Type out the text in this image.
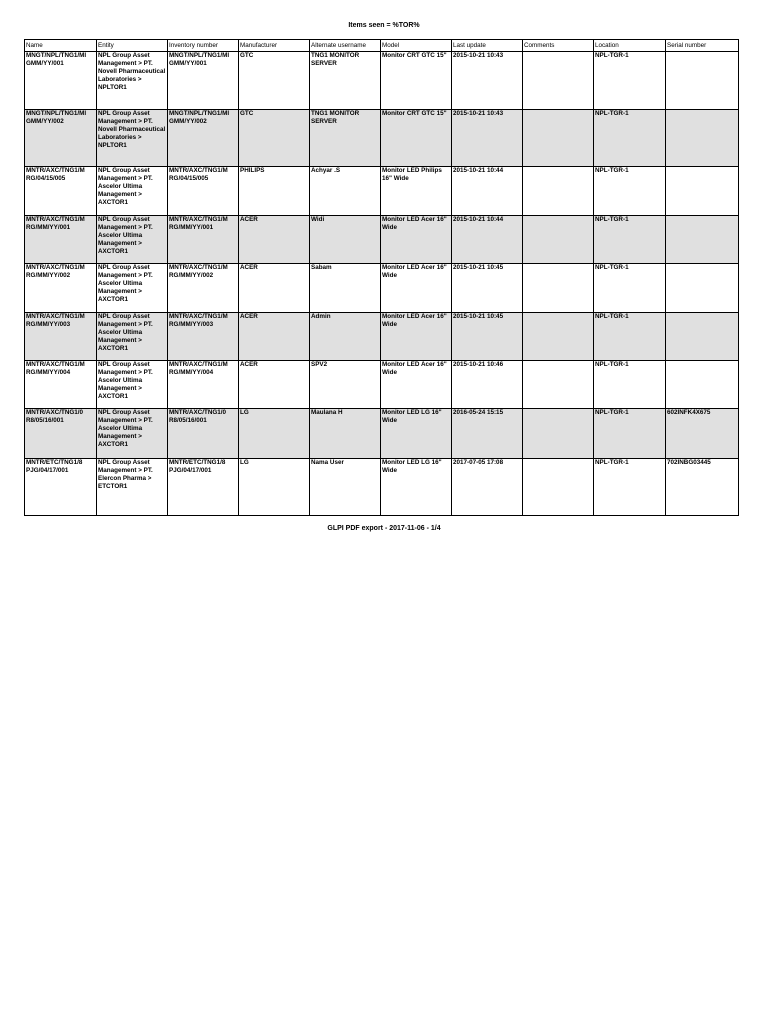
Items seen = %TOR%
Name	Entity	Inventory number	Manufacturer	Alternate username	Model	Last update	Comments	Location	Serial number
MNGT/NPL/TNG1/MI GMM/YY/001	NPL Group Asset Management > PT. Novell Pharmaceutical Laboratories > NPLTOR1	MNGT/NPL/TNG1/MI GMM/YY/001	GTC	TNG1 MONITOR SERVER	Monitor CRT GTC 15"	2015-10-21 10:43		NPL-TGR-1	
MNGT/NPL/TNG1/MI GMM/YY/002	NPL Group Asset Management > PT. Novell Pharmaceutical Laboratories > NPLTOR1	MNGT/NPL/TNG1/MI GMM/YY/002	GTC	TNG1 MONITOR SERVER	Monitor CRT GTC 15"	2015-10-21 10:43		NPL-TGR-1	
MNTR/AXC/TNG1/M RG/04/15/005	NPL Group Asset Management > PT. Ascelor Ultima Management > AXCTOR1	MNTR/AXC/TNG1/M RG/04/15/005	PHILIPS	Achyar .S	Monitor LED Philips 16" Wide	2015-10-21 10:44		NPL-TGR-1	
MNTR/AXC/TNG1/M RG/MM/YY/001	NPL Group Asset Management > PT. Ascelor Ultima Management > AXCTOR1	MNTR/AXC/TNG1/M RG/MM/YY/001	ACER	Widi	Monitor LED Acer 16" Wide	2015-10-21 10:44		NPL-TGR-1	
MNTR/AXC/TNG1/M RG/MM/YY/002	NPL Group Asset Management > PT. Ascelor Ultima Management > AXCTOR1	MNTR/AXC/TNG1/M RG/MM/YY/002	ACER	Sabam	Monitor LED Acer 16" Wide	2015-10-21 10:45		NPL-TGR-1	
MNTR/AXC/TNG1/M RG/MM/YY/003	NPL Group Asset Management > PT. Ascelor Ultima Management > AXCTOR1	MNTR/AXC/TNG1/M RG/MM/YY/003	ACER	Admin	Monitor LED Acer 16" Wide	2015-10-21 10:45		NPL-TGR-1	
MNTR/AXC/TNG1/M RG/MM/YY/004	NPL Group Asset Management > PT. Ascelor Ultima Management > AXCTOR1	MNTR/AXC/TNG1/M RG/MM/YY/004	ACER	SPV2	Monitor LED Acer 16" Wide	2015-10-21 10:46		NPL-TGR-1	
MNTR/AXC/TNG1/0 R8/05/16/001	NPL Group Asset Management > PT. Ascelor Ultima Management > AXCTOR1	MNTR/AXC/TNG1/0 R8/05/16/001	LG	Maulana H	Monitor LED LG 16" Wide	2016-05-24 15:15		NPL-TGR-1	602INFK4X675
MNTR/ETC/TNG1/8 PJG/04/17/001	NPL Group Asset Management > PT. Elercon Pharma > ETCTOR1	MNTR/ETC/TNG1/8 PJG/04/17/001	LG	Nama User	Monitor LED LG 16" Wide	2017-07-05 17:08		NPL-TGR-1	702INBG03445
GLPI PDF export - 2017-11-06 - 1/4
